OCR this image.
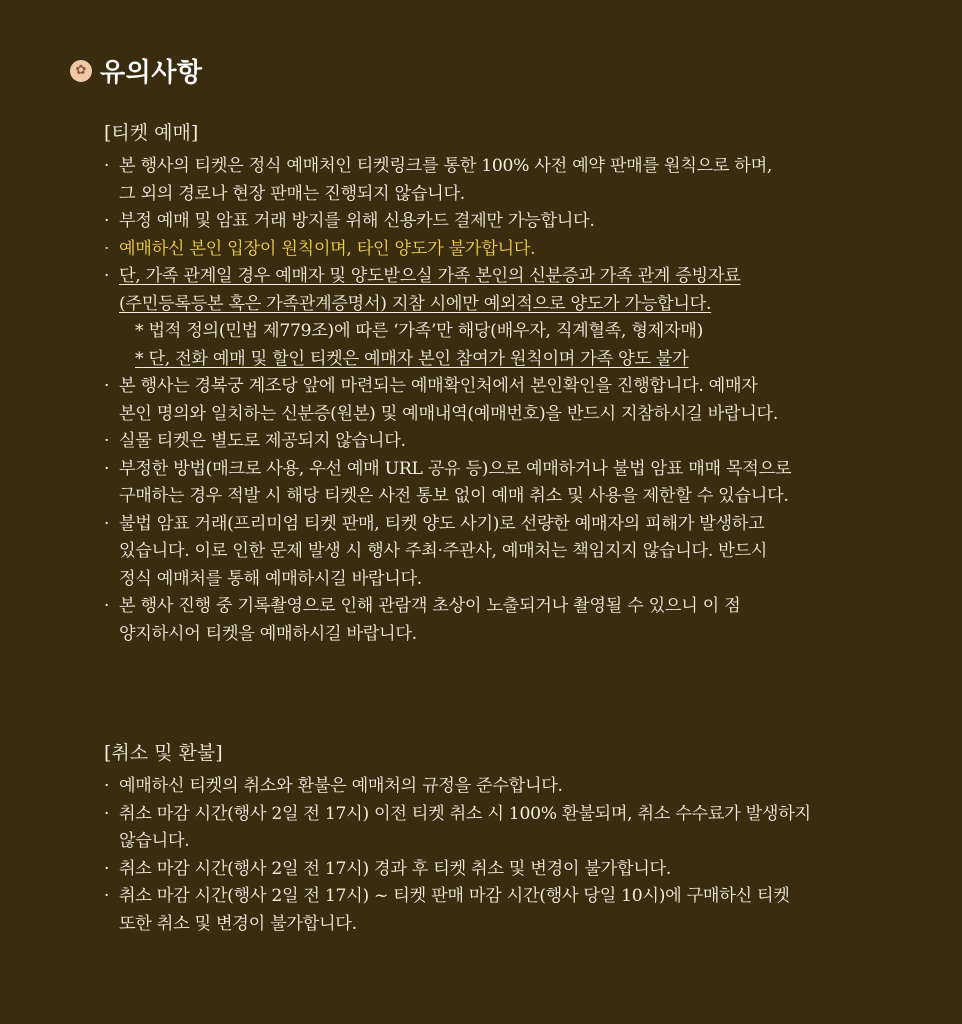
✿ 유의사항
[티켓 예매]
· 본 행사의 티켓은 정식 예매처인 티켓링크를 통한 100% 사전 예약 판매를 원칙으로 하며,
그 외의 경로나 현장 판매는 진행되지 않습니다.
· 부정 예매 및 암표 거래 방지를 위해 신용카드 결제만 가능합니다.
· 예매하신 본인 입장이 원칙이며, 타인 양도가 불가합니다.
· 단, 가족 관계일 경우 예매자 및 양도받으실 가족 본인의 신분증과 가족 관계 증빙자료
(주민등록등본 혹은 가족관계증명서) 지참 시에만 예외적으로 양도가 가능합니다.
* 법적 정의(민법 제779조)에 따른 ‘가족’만 해당(배우자, 직계혈족, 형제자매)
* 단, 전화 예매 및 할인 티켓은 예매자 본인 참여가 원칙이며 가족 양도 불가
· 본 행사는 경복궁 계조당 앞에 마련되는 예매확인처에서 본인확인을 진행합니다. 예매자
본인 명의와 일치하는 신분증(원본) 및 예매내역(예매번호)을 반드시 지참하시길 바랍니다.
· 실물 티켓은 별도로 제공되지 않습니다.
· 부정한 방법(매크로 사용, 우선 예매 URL 공유 등)으로 예매하거나 불법 암표 매매 목적으로
구매하는 경우 적발 시 해당 티켓은 사전 통보 없이 예매 취소 및 사용을 제한할 수 있습니다.
· 불법 암표 거래(프리미엄 티켓 판매, 티켓 양도 사기)로 선량한 예매자의 피해가 발생하고
있습니다. 이로 인한 문제 발생 시 행사 주최·주관사, 예매처는 책임지지 않습니다. 반드시
정식 예매처를 통해 예매하시길 바랍니다.
· 본 행사 진행 중 기록촬영으로 인해 관람객 초상이 노출되거나 촬영될 수 있으니 이 점
양지하시어 티켓을 예매하시길 바랍니다.
[취소 및 환불]
· 예매하신 티켓의 취소와 환불은 예매처의 규정을 준수합니다.
· 취소 마감 시간(행사 2일 전 17시) 이전 티켓 취소 시 100% 환불되며, 취소 수수료가 발생하지
않습니다.
· 취소 마감 시간(행사 2일 전 17시) 경과 후 티켓 취소 및 변경이 불가합니다.
· 취소 마감 시간(행사 2일 전 17시) ~ 티켓 판매 마감 시간(행사 당일 10시)에 구매하신 티켓
또한 취소 및 변경이 불가합니다.
